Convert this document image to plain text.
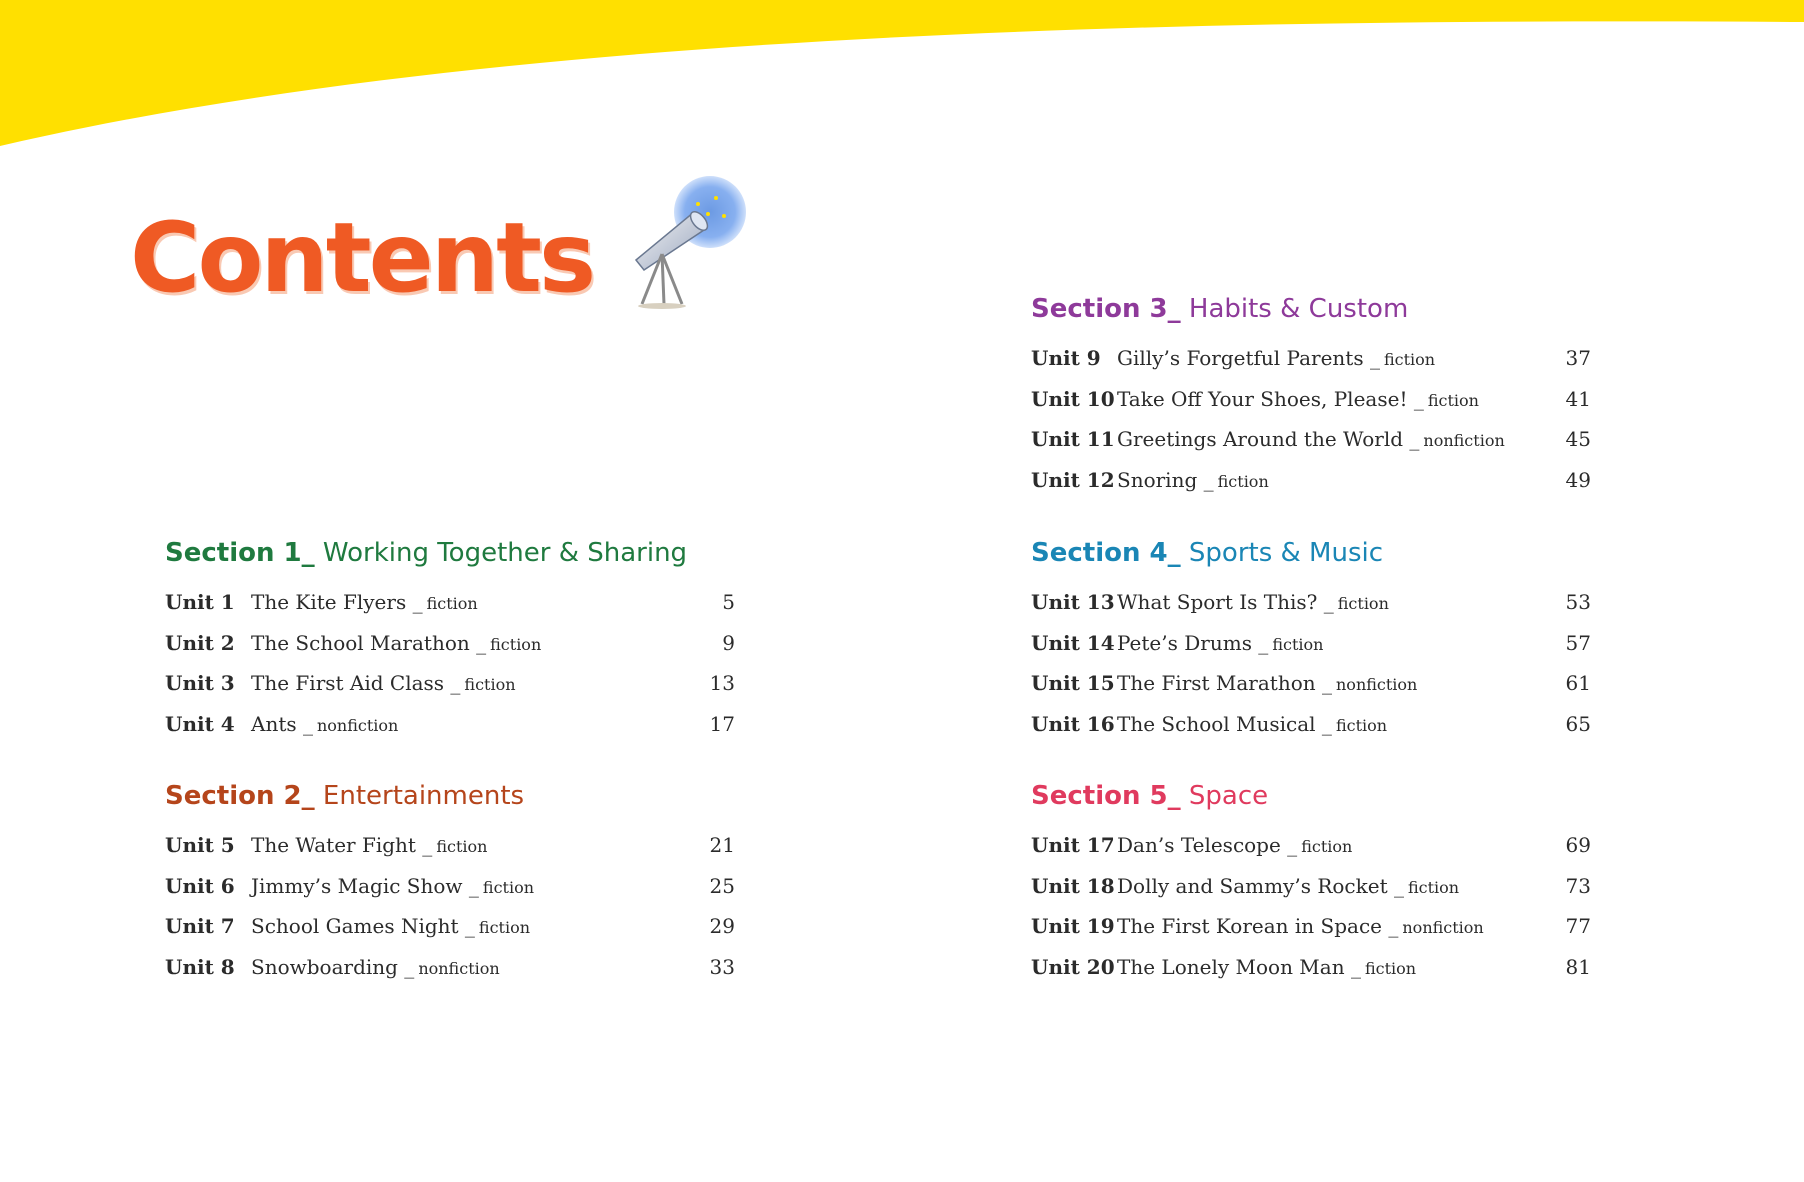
Contents
Section 1_ Working Together & Sharing
Unit 1 The Kite Flyers _ fiction	5
Unit 2 The School Marathon _ fiction	9
Unit 3 The First Aid Class _ fiction	13
Unit 4 Ants _ nonfiction	17
Section 2_ Entertainments
Unit 5 The Water Fight _ fiction	21
Unit 6 Jimmy’s Magic Show _ fiction	25
Unit 7 School Games Night _ fiction	29
Unit 8 Snowboarding _ nonfiction	33
Section 3_ Habits & Custom
Unit 9 Gilly’s Forgetful Parents _ fiction	37
Unit 10 Take Off Your Shoes, Please! _ fiction	41
Unit 11 Greetings Around the World _ nonfiction	45
Unit 12 Snoring _ fiction	49
Section 4_ Sports & Music
Unit 13 What Sport Is This? _ fiction	53
Unit 14 Pete’s Drums _ fiction	57
Unit 15 The First Marathon _ nonfiction	61
Unit 16 The School Musical _ fiction	65
Section 5_ Space
Unit 17 Dan’s Telescope _ fiction	69
Unit 18 Dolly and Sammy’s Rocket _ fiction	73
Unit 19 The First Korean in Space _ nonfiction	77
Unit 20 The Lonely Moon Man _ fiction	81
